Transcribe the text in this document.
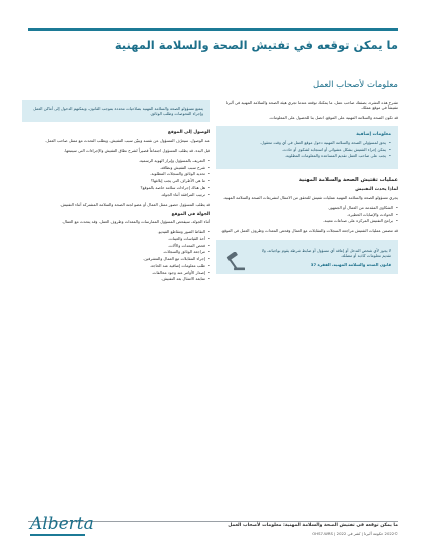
ما يمكن توقعه في تفتيش الصحة والسلامة المهنية
معلومات لأصحاب العمل

تشرح هذه النشرة، بصفتك صاحب عمل، ما يمكنك توقعه عندما تجري هيئة الصحة والسلامة المهنية في ألبرتا تفتيشاً في موقع عملك.

قد تكون الصحة والسلامة المهنية على الموقع. اتصل بنا للحصول على المعلومات.

معلومات إضافية
• يحق لمسؤولي الصحة والسلامة المهنية دخول موقع العمل في أي وقت معقول.
• يمكن إجراء التفتيش بشكل عشوائي أو استجابة لشكوى أو حادث.
• يجب على صاحب العمل تقديم المساعدة والمعلومات المطلوبة.
عمليات تفتيش الصحة والسلامة المهنية
لماذا يحدث التفتيش

يجري مسؤولو الصحة والسلامة المهنية عمليات تفتيش للتحقق من الامتثال لتشريعات الصحة والسلامة المهنية.

• الشكاوى المقدمة من العمال أو الجمهور.
• الحوادث والإصابات الخطيرة.
• برامج التفتيش المركزة على صناعات معينة.

قد تتضمن عمليات التفتيش مراجعة السجلات والمقابلات مع العمال وفحص المعدات وظروف العمل في الموقع.

لا يجوز لأي شخص التدخل أو إعاقة أي مسؤول أو ضابط شرطة يقوم بواجباته، ولا تقديم معلومات كاذبة أو مضللة.

قانون الصحة والسلامة المهنية، الفقرة 37

يتمتع مسؤولو الصحة والسلامة المهنية بصلاحيات محددة بموجب القانون، ويمكنهم الدخول إلى أماكن العمل وإجراء الفحوصات وطلب الوثائق.
الوصول إلى الموقع

عند الوصول، سيعرّف المسؤول عن نفسه ويبيّن سبب التفتيش، ويطلب التحدث مع ممثل صاحب العمل.

قبل البدء، قد يطلب المسؤول اجتماعاً قصيراً لشرح نطاق التفتيش والإجراءات التي سيتبعها.

• التعريف بالمسؤول وإبراز الهوية الرسمية.
• شرح سبب التفتيش ونطاقه.
• تحديد الوثائق والسجلات المطلوبة.
• ما هي الأطراف التي يجب إبلاغها؟
• هل هناك إجراءات سلامة خاصة بالموقع؟
• ترتيب المرافقة أثناء الجولة.

قد يطلب المسؤول حضور ممثل العمال أو عضو لجنة الصحة والسلامة المشتركة أثناء التفتيش.

الجولة في الموقع

أثناء الجولة، سيفحص المسؤول الممارسات والمعدات وظروف العمل، وقد يتحدث مع العمال.

• التقاط الصور ومقاطع الفيديو.
• أخذ القياسات والعينات.
• فحص المعدات والآلات.
• مراجعة الوثائق والسجلات.
• إجراء المقابلات مع العمال والمشرفين.
• طلب معلومات إضافية عند الحاجة.
• إصدار الأوامر عند وجود مخالفات.
• متابعة الامتثال بعد التفتيش.
ما يمكن توقعه في تفتيش الصحة والسلامة المهنية: معلومات لأصحاب العمل
©2022 حكومة ألبرتا | نُشر في 2022 | OHS7-WRS
Alberta
